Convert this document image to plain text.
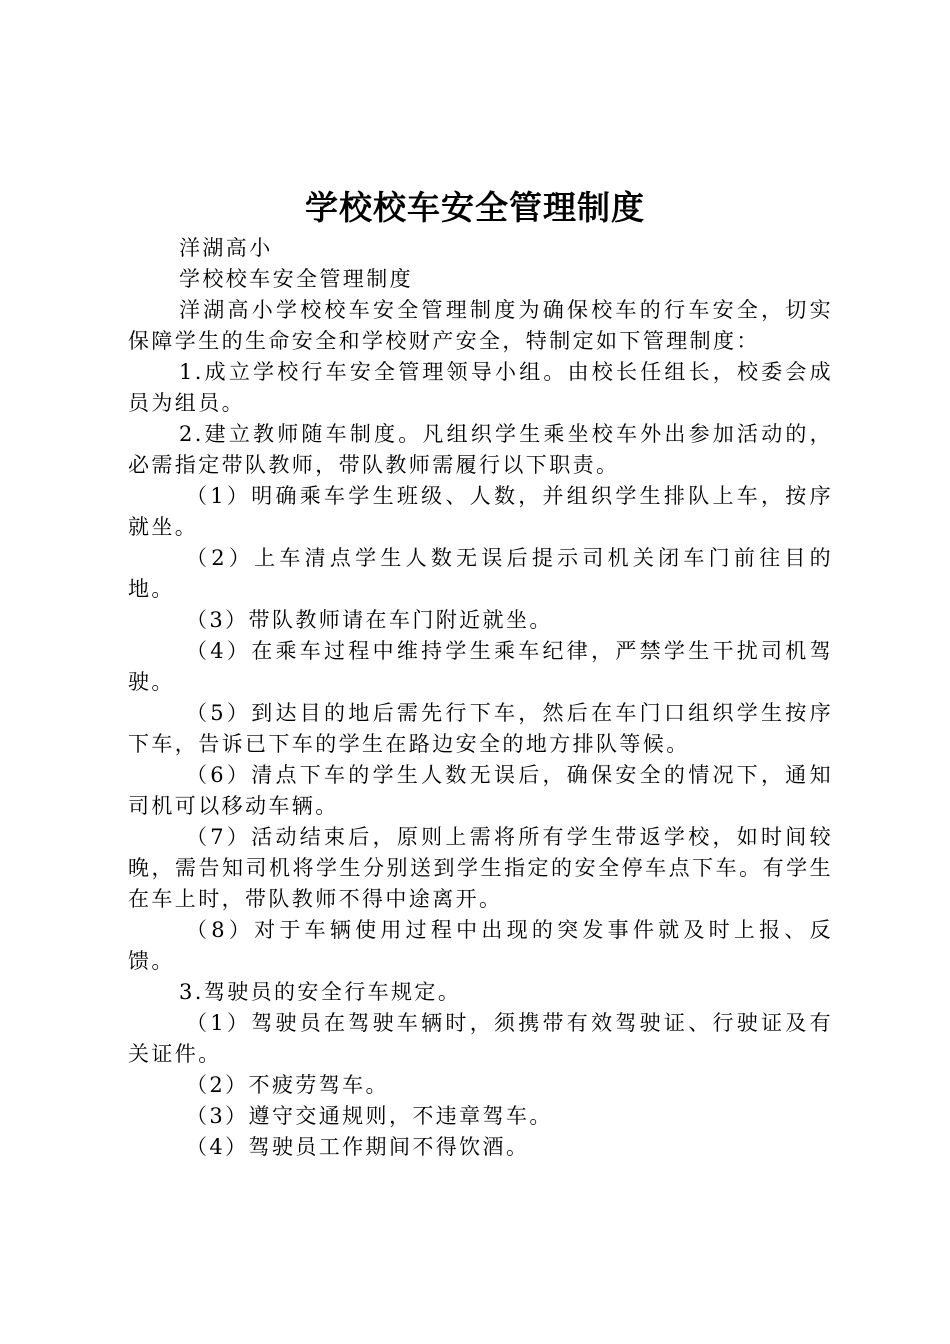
学校校车安全管理制度

洋湖高小

学校校车安全管理制度

洋湖高小学校校车安全管理制度为确保校车的行车安全，切实保障学生的生命安全和学校财产安全，特制定如下管理制度：

1.成立学校行车安全管理领导小组。由校长任组长，校委会成员为组员。

2.建立教师随车制度。凡组织学生乘坐校车外出参加活动的，必需指定带队教师，带队教师需履行以下职责。

（1）明确乘车学生班级、人数，并组织学生排队上车，按序就坐。

（2）上车清点学生人数无误后提示司机关闭车门前往目的地。

（3）带队教师请在车门附近就坐。

（4）在乘车过程中维持学生乘车纪律，严禁学生干扰司机驾驶。

（5）到达目的地后需先行下车，然后在车门口组织学生按序下车，告诉已下车的学生在路边安全的地方排队等候。

（6）清点下车的学生人数无误后，确保安全的情况下，通知司机可以移动车辆。

（7）活动结束后，原则上需将所有学生带返学校，如时间较晚，需告知司机将学生分别送到学生指定的安全停车点下车。有学生在车上时，带队教师不得中途离开。

（8）对于车辆使用过程中出现的突发事件就及时上报、反馈。

3.驾驶员的安全行车规定。

（1）驾驶员在驾驶车辆时，须携带有效驾驶证、行驶证及有关证件。

（2）不疲劳驾车。

（3）遵守交通规则，不违章驾车。

（4）驾驶员工作期间不得饮酒。
